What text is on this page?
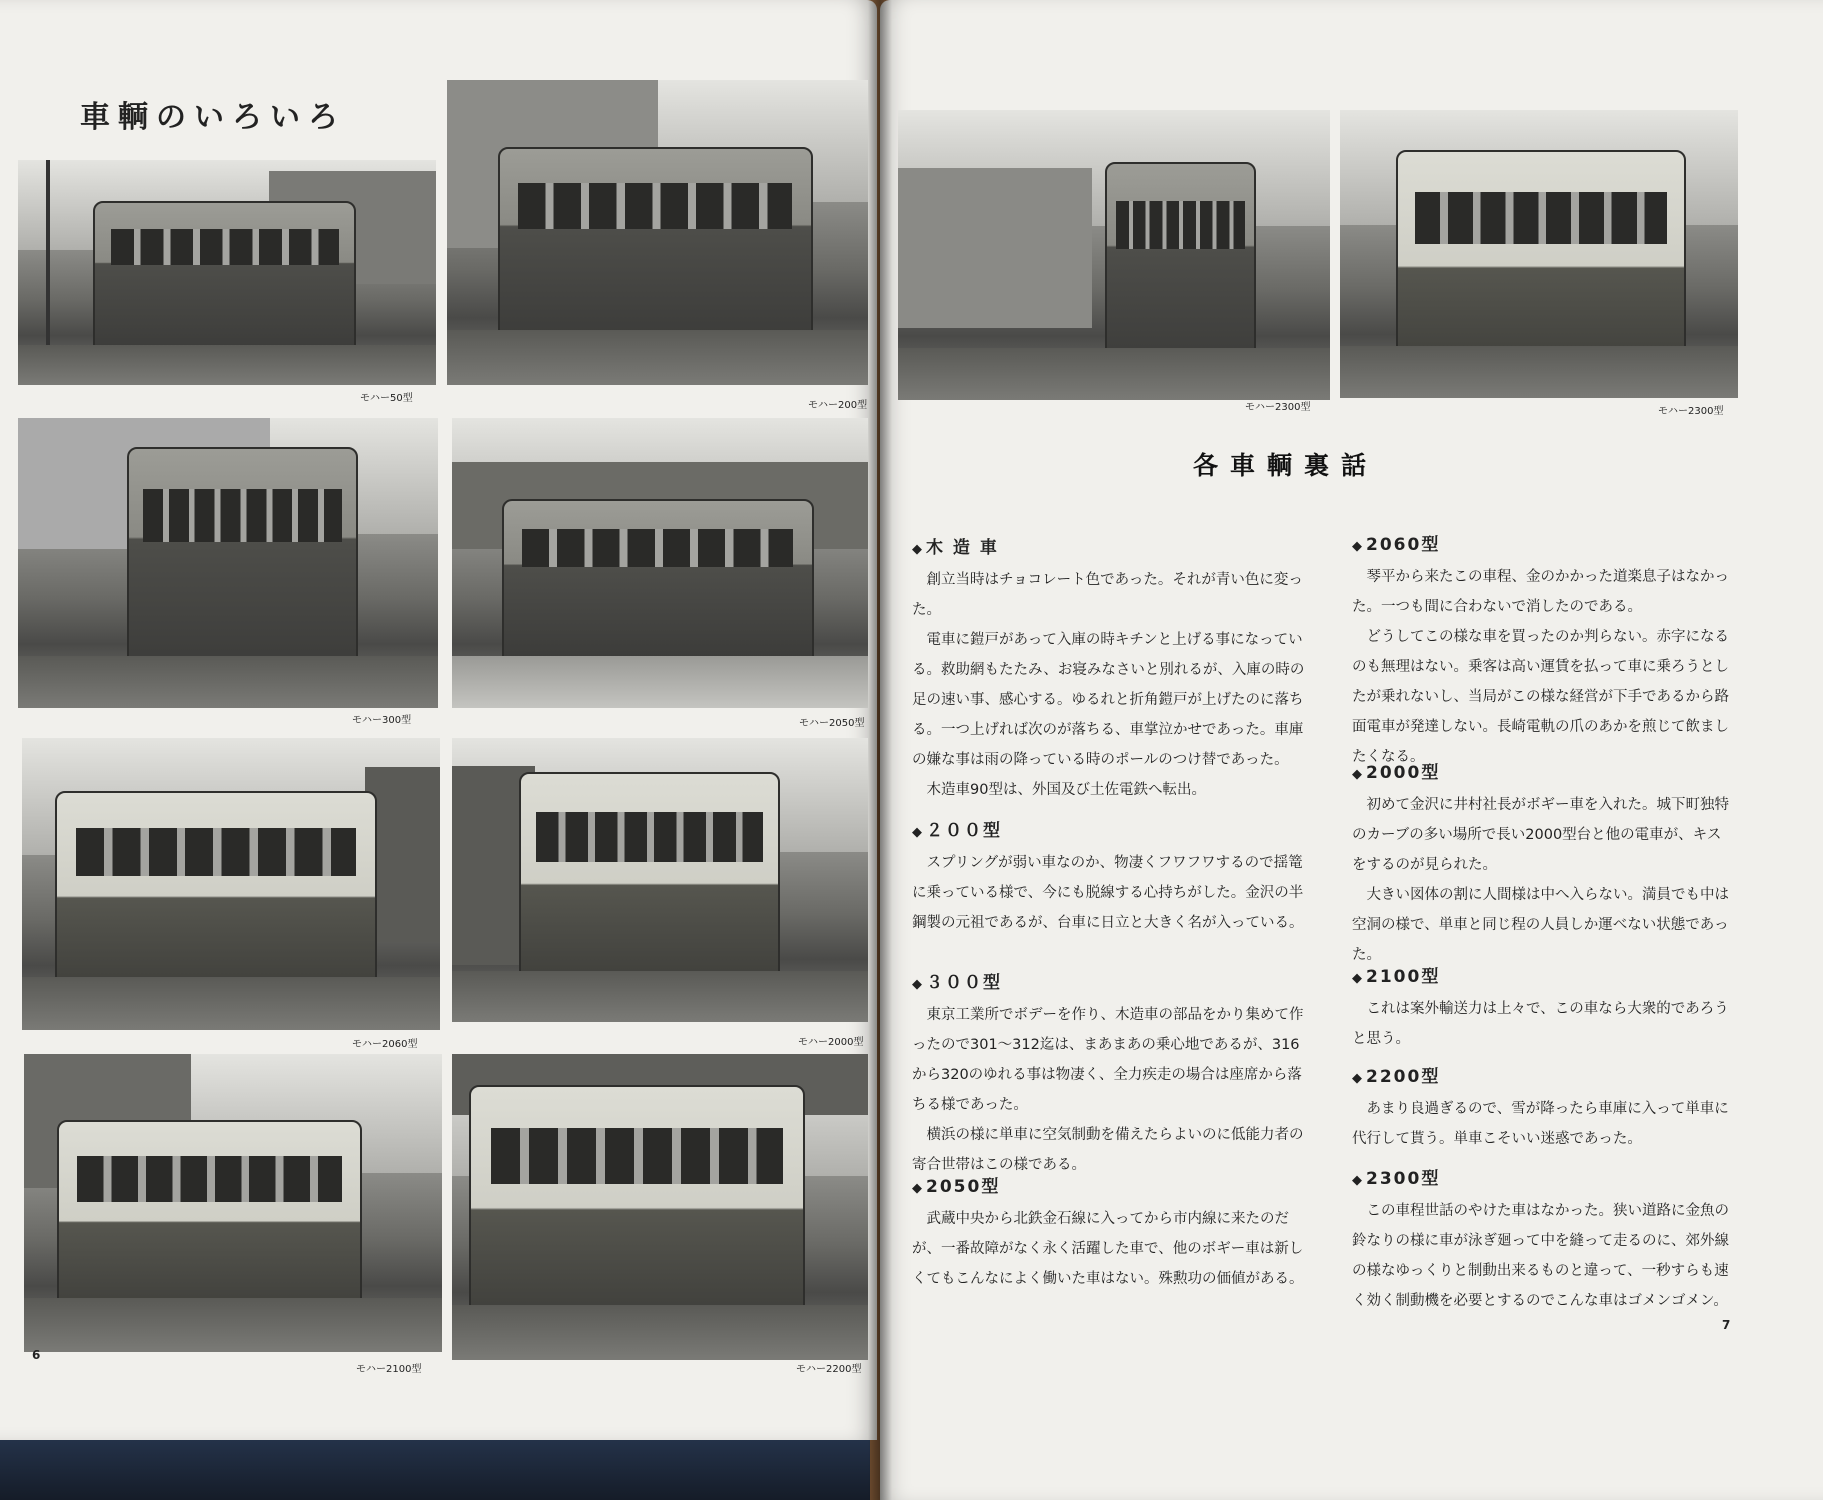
車輌のいろいろ
モハー50型
モハー200型
モハー300型	モハー2050型
モハー2060型	モハー2000型
モハー2100型	モハー2200型
6
モハー2300型	モハー2300型
各車輌裏話
◆ 木 造 車

創立当時はチョコレート色であった。それが青い色に変った。

電車に鎧戸があって入庫の時キチンと上げる事になっている。救助網もたたみ、お寝みなさいと別れるが、入庫の時の足の速い事、感心する。ゆるれと折角鎧戸が上げたのに落ちる。一つ上げれば次のが落ちる、車掌泣かせであった。車庫の嫌な事は雨の降っている時のポールのつけ替であった。

木造車90型は、外国及び土佐電鉄へ転出。

◆ ２００型

スプリングが弱い車なのか、物凄くフワフワするので揺篭に乗っている様で、今にも脱線する心持ちがした。金沢の半鋼製の元祖であるが、台車に日立と大きく名が入っている。

◆ ３００型

東京工業所でボデーを作り、木造車の部品をかり集めて作ったので301〜312迄は、まあまあの乗心地であるが、316から320のゆれる事は物凄く、全力疾走の場合は座席から落ちる様であった。

横浜の様に単車に空気制動を備えたらよいのに低能力者の寄合世帯はこの様である。

◆ 2050型

武蔵中央から北鉄金石線に入ってから市内線に来たのだが、一番故障がなく永く活躍した車で、他のボギー車は新しくてもこんなによく働いた車はない。殊勲功の価値がある。

◆ 2060型

琴平から来たこの車程、金のかかった道楽息子はなかった。一つも間に合わないで消したのである。

どうしてこの様な車を買ったのか判らない。赤字になるのも無理はない。乗客は高い運賃を払って車に乗ろうとしたが乗れないし、当局がこの様な経営が下手であるから路面電車が発達しない。長崎電軌の爪のあかを煎じて飲ましたくなる。

◆ 2000型

初めて金沢に井村社長がボギー車を入れた。城下町独特のカーブの多い場所で長い2000型台と他の電車が、キスをするのが見られた。

大きい図体の割に人間様は中へ入らない。満員でも中は空洞の様で、単車と同じ程の人員しか運べない状態であった。

◆ 2100型

これは案外輸送力は上々で、この車なら大衆的であろうと思う。

◆ 2200型

あまり良過ぎるので、雪が降ったら車庫に入って単車に代行して貰う。単車こそいい迷惑であった。

◆ 2300型

この車程世話のやけた車はなかった。狭い道路に金魚の鈴なりの様に車が泳ぎ廻って中を縫って走るのに、郊外線の様なゆっくりと制動出来るものと違って、一秒すらも速く効く制動機を必要とするのでこんな車はゴメンゴメン。

7
